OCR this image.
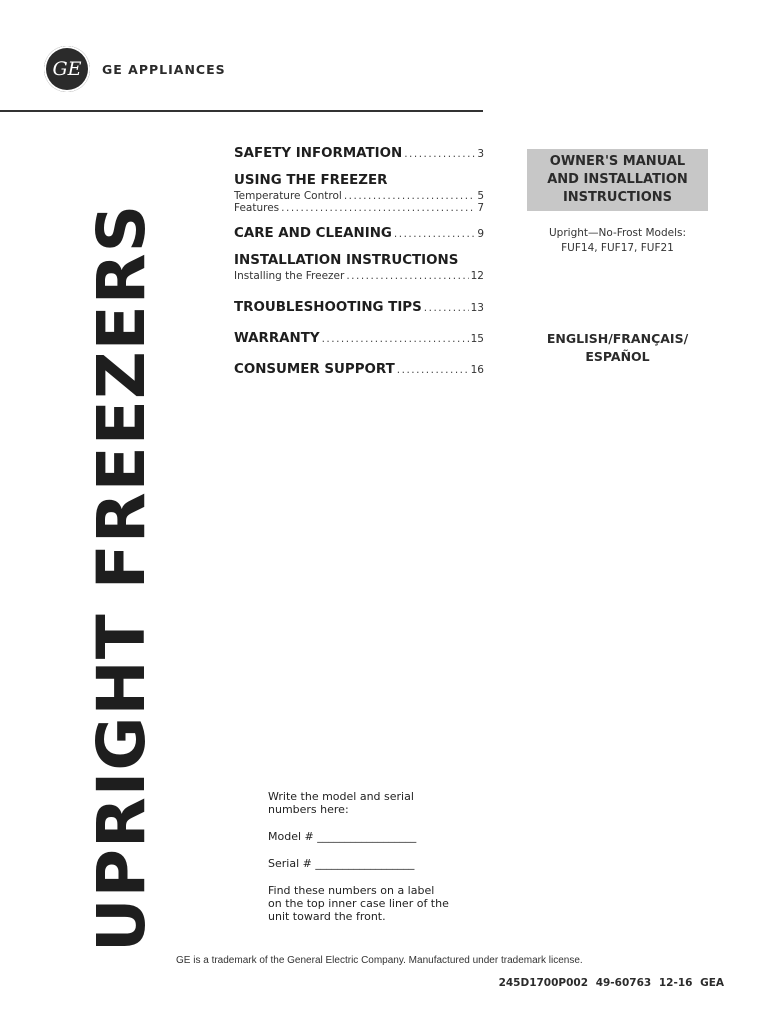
GE	GE APPLIANCES
UPRIGHT FREEZERS
SAFETY INFORMATION .....	3
USING THE FREEZER
Temperature Control .....	5
Features .....	7
CARE AND CLEANING .....	9
INSTALLATION INSTRUCTIONS
Installing the Freezer .....	12
TROUBLESHOOTING TIPS .....	13
WARRANTY .....	15
CONSUMER SUPPORT .....	16
OWNER'S MANUAL
AND INSTALLATION
INSTRUCTIONS
Upright—No-Frost Models:
FUF14, FUF17, FUF21
ENGLISH/FRANÇAIS/
ESPAÑOL

Write the model and serial
numbers here:

Model # __________________

Serial # __________________

Find these numbers on a label
on the top inner case liner of the
unit toward the front.

GE is a trademark of the General Electric Company. Manufactured under trademark license.
245D1700P002 49-60763 12-16 GEA
